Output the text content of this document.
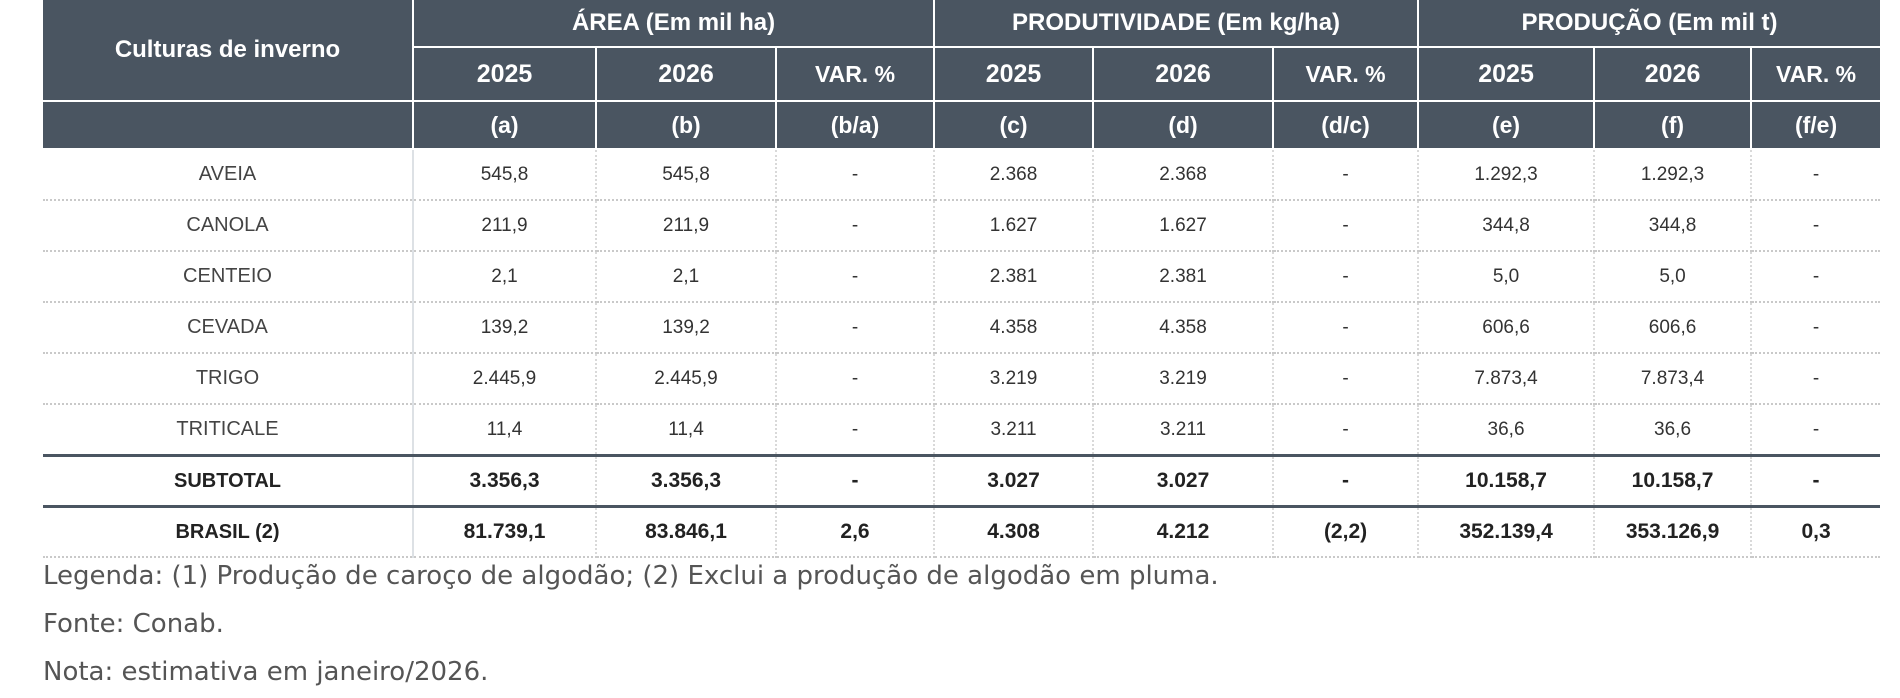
Culturas de inverno	ÁREA (Em mil ha)			PRODUTIVIDADE (Em kg/ha)			PRODUÇÃO (Em mil t)		
	2025	2026	VAR. %	2025	2026	VAR. %	2025	2026	VAR. %
	(a)	(b)	(b/a)	(c)	(d)	(d/c)	(e)	(f)	(f/e)
AVEIA	545,8	545,8	-	2.368	2.368	-	1.292,3	1.292,3	-
CANOLA	211,9	211,9	-	1.627	1.627	-	344,8	344,8	-
CENTEIO	2,1	2,1	-	2.381	2.381	-	5,0	5,0	-
CEVADA	139,2	139,2	-	4.358	4.358	-	606,6	606,6	-
TRIGO	2.445,9	2.445,9	-	3.219	3.219	-	7.873,4	7.873,4	-
TRITICALE	11,4	11,4	-	3.211	3.211	-	36,6	36,6	-
SUBTOTAL	3.356,3	3.356,3	-	3.027	3.027	-	10.158,7	10.158,7	-
BRASIL (2)	81.739,1	83.846,1	2,6	4.308	4.212	(2,2)	352.139,4	353.126,9	0,3
Legenda: (1) Produção de caroço de algodão; (2) Exclui a produção de algodão em pluma.
Fonte: Conab.
Nota: estimativa em janeiro/2026.
